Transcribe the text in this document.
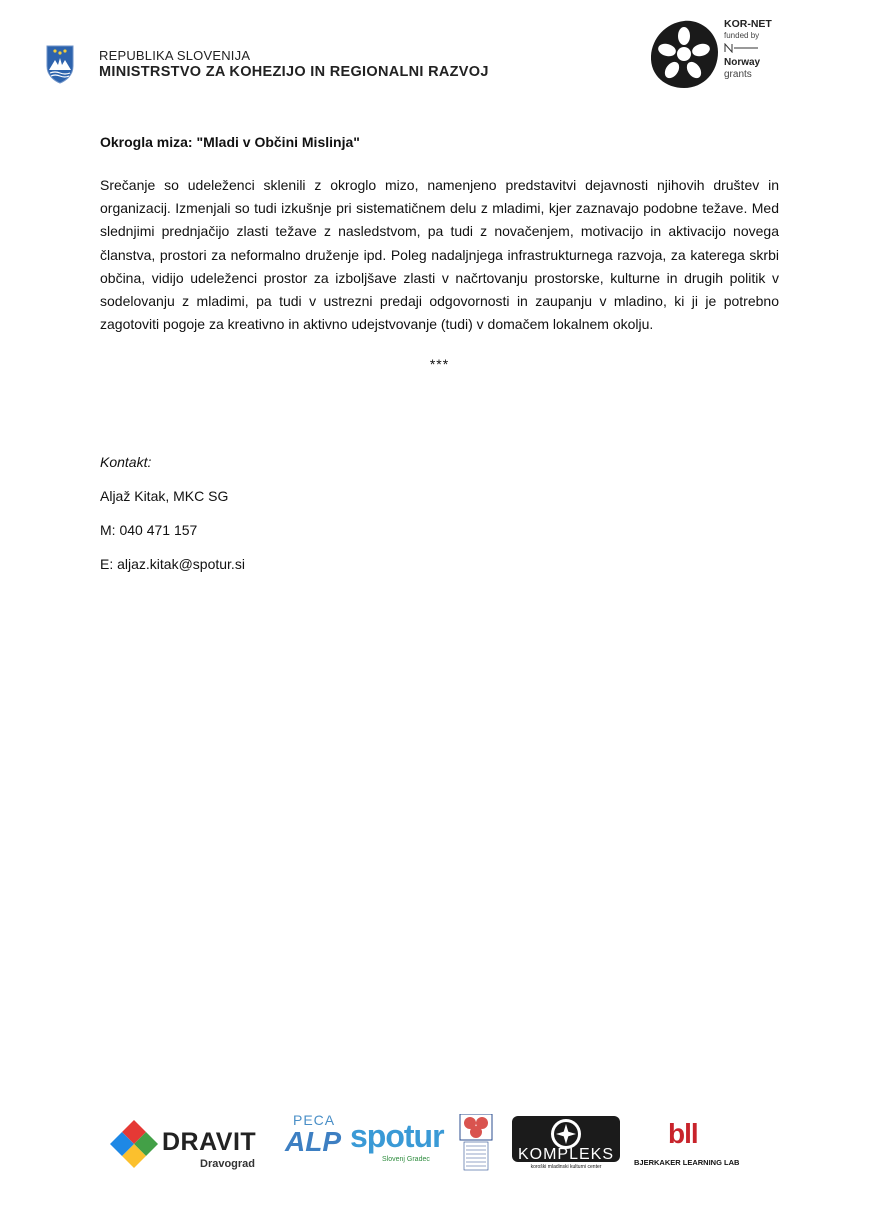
REPUBLIKA SLOVENIJA
MINISTRSTVO ZA KOHEZIJO IN REGIONALNI RAZVOJ
KOR-NET
funded by
Norway
grants

Okrogla miza: "Mladi v Občini Mislinja"

Srečanje so udeleženci sklenili z okroglo mizo, namenjeno predstavitvi dejavnosti njihovih društev in organizacij. Izmenjali so tudi izkušnje pri sistematičnem delu z mladimi, kjer zaznavajo podobne težave. Med slednjimi prednjačijo zlasti težave z nasledstvom, pa tudi z novačenjem, motivacijo in aktivacijo novega članstva, prostori za neformalno druženje ipd. Poleg nadaljnjega infrastrukturnega razvoja, za katerega skrbi občina, vidijo udeleženci prostor za izboljšave zlasti v načrtovanju prostorske, kulturne in drugih politik v sodelovanju z mladimi, pa tudi v ustrezni predaji odgovornosti in zaupanju v mladino, ki ji je potrebno zagotoviti pogoje za kreativno in aktivno udejstvovanje (tudi) v domačem lokalnem okolju.

***
Kontakt:
Aljaž Kitak, MKC SG
M: 040 471 157
E: aljaz.kitak@spotur.si
DRAVIT
Dravograd
PECA
ALP spotur
Slovenj Gradec	KOMPLEKS
koroški mladinski kulturni center
bll
BJERKAKER LEARNING LAB
